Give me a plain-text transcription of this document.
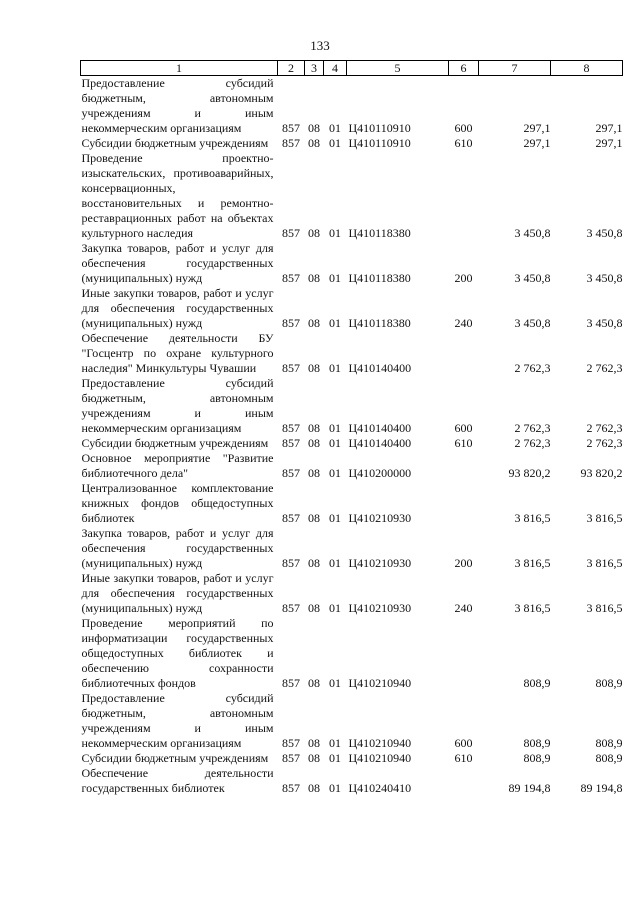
133
1	2	3	4	5	6	7	8
Предоставление субсидий бюджетным, автономным учреждениям и иным некоммерческим организациям	857	08	01	Ц410110910	600	297,1	297,1
Субсидии бюджетным учреждениям	857	08	01	Ц410110910	610	297,1	297,1
Проведение проектно-изыскательских, противоаварийных, консервационных, восстановительных и ремонтно-реставрационных работ на объектах культурного наследия	857	08	01	Ц410118380		3 450,8	3 450,8
Закупка товаров, работ и услуг для обеспечения государственных (муниципальных) нужд	857	08	01	Ц410118380	200	3 450,8	3 450,8
Иные закупки товаров, работ и услуг для обеспечения государственных (муниципальных) нужд	857	08	01	Ц410118380	240	3 450,8	3 450,8
Обеспечение деятельности БУ "Госцентр по охране культурного наследия" Минкультуры Чувашии	857	08	01	Ц410140400		2 762,3	2 762,3
Предоставление субсидий бюджетным, автономным учреждениям и иным некоммерческим организациям	857	08	01	Ц410140400	600	2 762,3	2 762,3
Субсидии бюджетным учреждениям	857	08	01	Ц410140400	610	2 762,3	2 762,3
Основное мероприятие "Развитие библиотечного дела"	857	08	01	Ц410200000		93 820,2	93 820,2
Централизованное комплектование книжных фондов общедоступных библиотек	857	08	01	Ц410210930		3 816,5	3 816,5
Закупка товаров, работ и услуг для обеспечения государственных (муниципальных) нужд	857	08	01	Ц410210930	200	3 816,5	3 816,5
Иные закупки товаров, работ и услуг для обеспечения государственных (муниципальных) нужд	857	08	01	Ц410210930	240	3 816,5	3 816,5
Проведение мероприятий по информатизации государственных общедоступных библиотек и обеспечению сохранности библиотечных фондов	857	08	01	Ц410210940		808,9	808,9
Предоставление субсидий бюджетным, автономным учреждениям и иным некоммерческим организациям	857	08	01	Ц410210940	600	808,9	808,9
Субсидии бюджетным учреждениям	857	08	01	Ц410210940	610	808,9	808,9
Обеспечение деятельности государственных библиотек	857	08	01	Ц410240410		89 194,8	89 194,8
